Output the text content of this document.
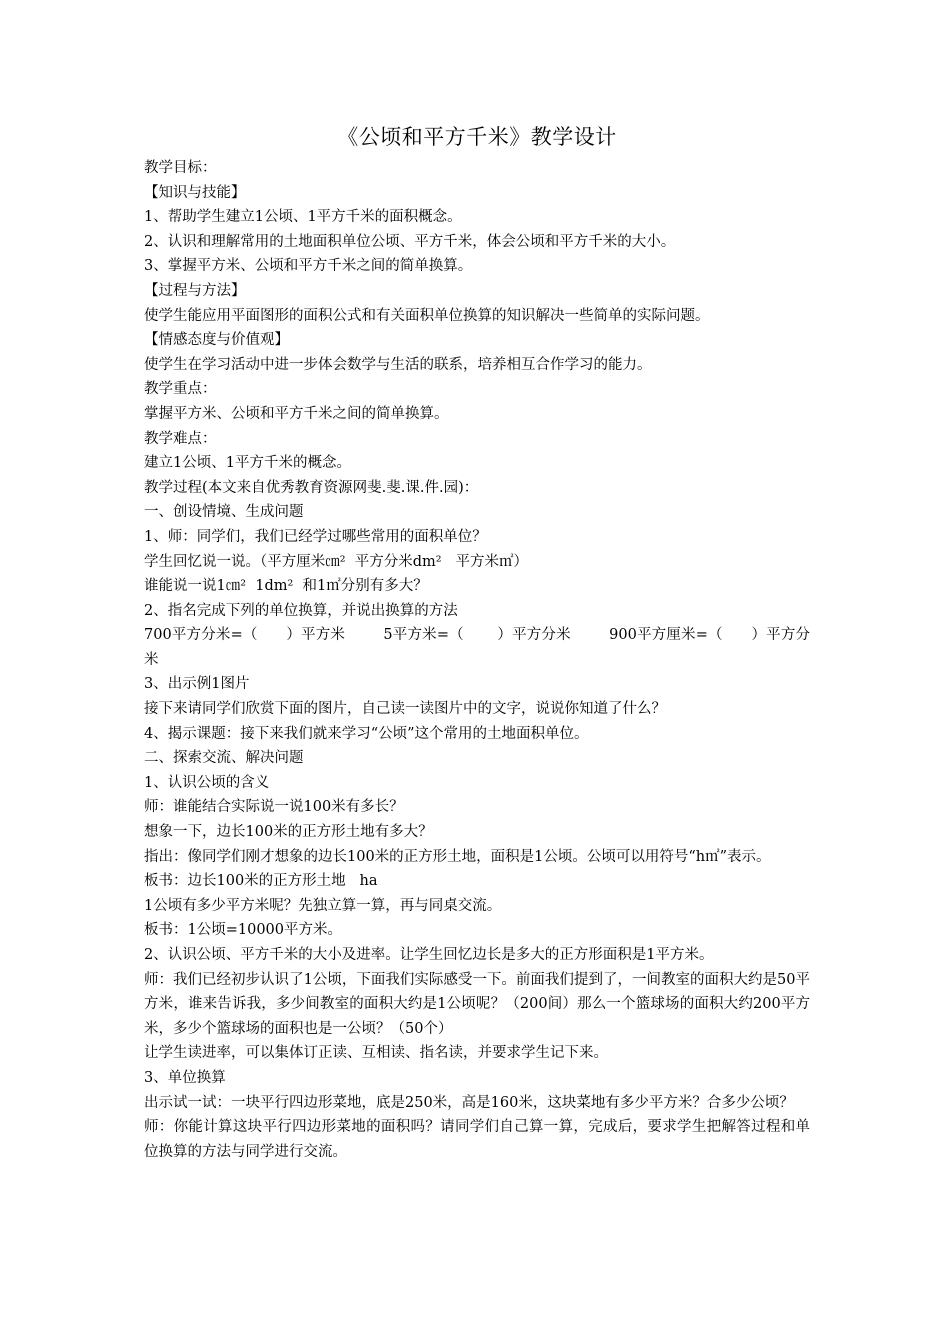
《公顷和平方千米》教学设计

教学目标：

【知识与技能】

1、帮助学生建立1公顷、1平方千米的面积概念。

2、认识和理解常用的土地面积单位公顷、平方千米，体会公顷和平方千米的大小。

3、掌握平方米、公顷和平方千米之间的简单换算。

【过程与方法】

使学生能应用平面图形的面积公式和有关面积单位换算的知识解决一些简单的实际问题。

【情感态度与价值观】

使学生在学习活动中进一步体会数学与生活的联系，培养相互合作学习的能力。

教学重点：

掌握平方米、公顷和平方千米之间的简单换算。

教学难点：

建立1公顷、1平方千米的概念。

教学过程(本文来自优秀教育资源网斐.斐.课.件.园)：

一、创设情境、生成问题

1、师：同学们，我们已经学过哪些常用的面积单位？

学生回忆说一说。（平方厘米㎝²  平方分米dm²   平方米㎡）

谁能说一说1㎝²  1dm²  和1㎡分别有多大？

2、指名完成下列的单位换算，并说出换算的方法

700平方分米=（      ）平方米        5平方米=（       ）平方分米        900平方厘米=（      ）平方分米

3、出示例1图片

接下来请同学们欣赏下面的图片，自己读一读图片中的文字，说说你知道了什么？

4、揭示课题：接下来我们就来学习“公顷”这个常用的土地面积单位。

二、探索交流、解决问题

1、认识公顷的含义

师：谁能结合实际说一说100米有多长？

想象一下，边长100米的正方形土地有多大？

指出：像同学们刚才想象的边长100米的正方形土地，面积是1公顷。公顷可以用符号“h㎡”表示。

板书：边长100米的正方形土地   ha

1公顷有多少平方米呢？先独立算一算，再与同桌交流。

板书：1公顷=10000平方米。

2、认识公顷、平方千米的大小及进率。让学生回忆边长是多大的正方形面积是1平方米。

师：我们已经初步认识了1公顷，下面我们实际感受一下。前面我们提到了，一间教室的面积大约是50平方米，谁来告诉我，多少间教室的面积大约是1公顷呢？（200间）那么一个篮球场的面积大约200平方米，多少个篮球场的面积也是一公顷？（50个）

让学生读进率，可以集体订正读、互相读、指名读，并要求学生记下来。

3、单位换算

出示试一试：一块平行四边形菜地，底是250米，高是160米，这块菜地有多少平方米？合多少公顷？

师：你能计算这块平行四边形菜地的面积吗？请同学们自己算一算，完成后，要求学生把解答过程和单位换算的方法与同学进行交流。
